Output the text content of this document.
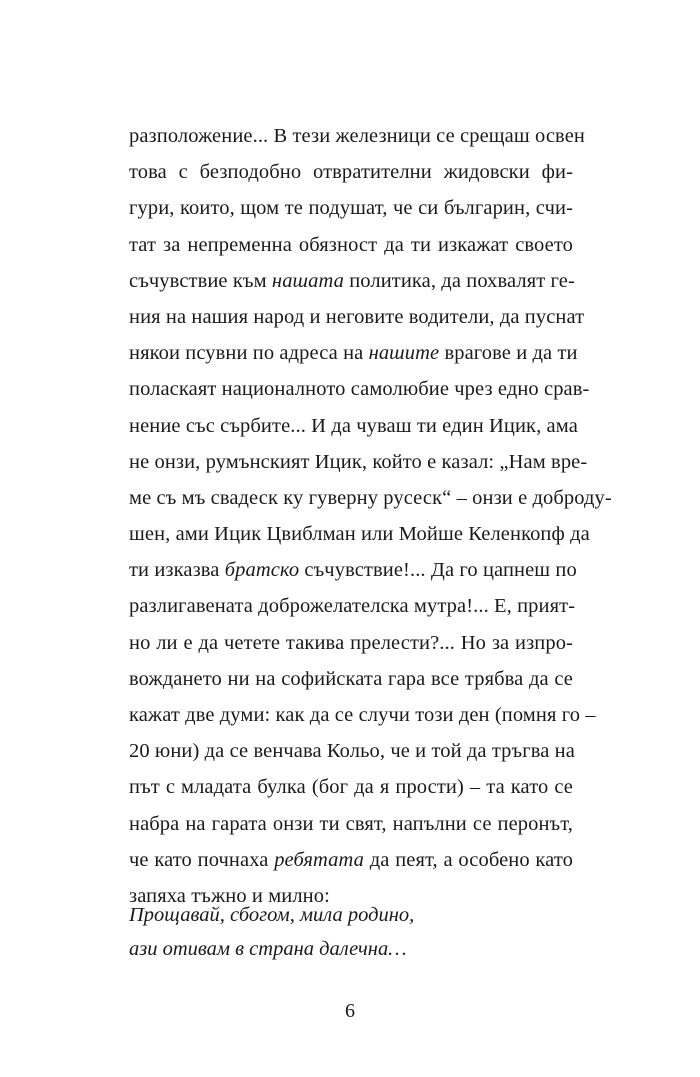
разположение... В тези железници се срещаш освен
това с безподобно отвратителни жидовски фи-
гури, които, щом те подушат, че си българин, счи-
тат за непременна обязност да ти изкажат своето
съчувствие към нашата политика, да похвалят ге-
ния на нашия народ и неговите водители, да пуснат
някои псувни по адреса на нашите врагове и да ти
поласкаят националното самолюбие чрез едно срав-
нение със сърбите... И да чуваш ти един Ицик, ама
не онзи, румънският Ицик, който е казал: „Нам вре-
ме съ мъ свадеск ку гуверну русеск“ – онзи е добродy-
шен, ами Ицик Цвиблман или Мойше Келенкопф да
ти изказва братско съчувствие!... Да го цапнеш по
разлигавената доброжелателска мутра!... Е, прият-
но ли е да четете такива прелести?... Но за изпро-
вождането ни на софийската гара все трябва да се
кажат две думи: как да се случи този ден (помня го –
20 юни) да се венчава Кольо, че и той да тръгва на
път с младата булка (бог да я прости) – та като се
набра на гарата онзи ти свят, напълни се перонът,
че като почнаха ребятата да пеят, а особено като
запяха тъжно и милно:
Прощавай, сбогом, мила родино,
ази отивам в страна далечна…
6
